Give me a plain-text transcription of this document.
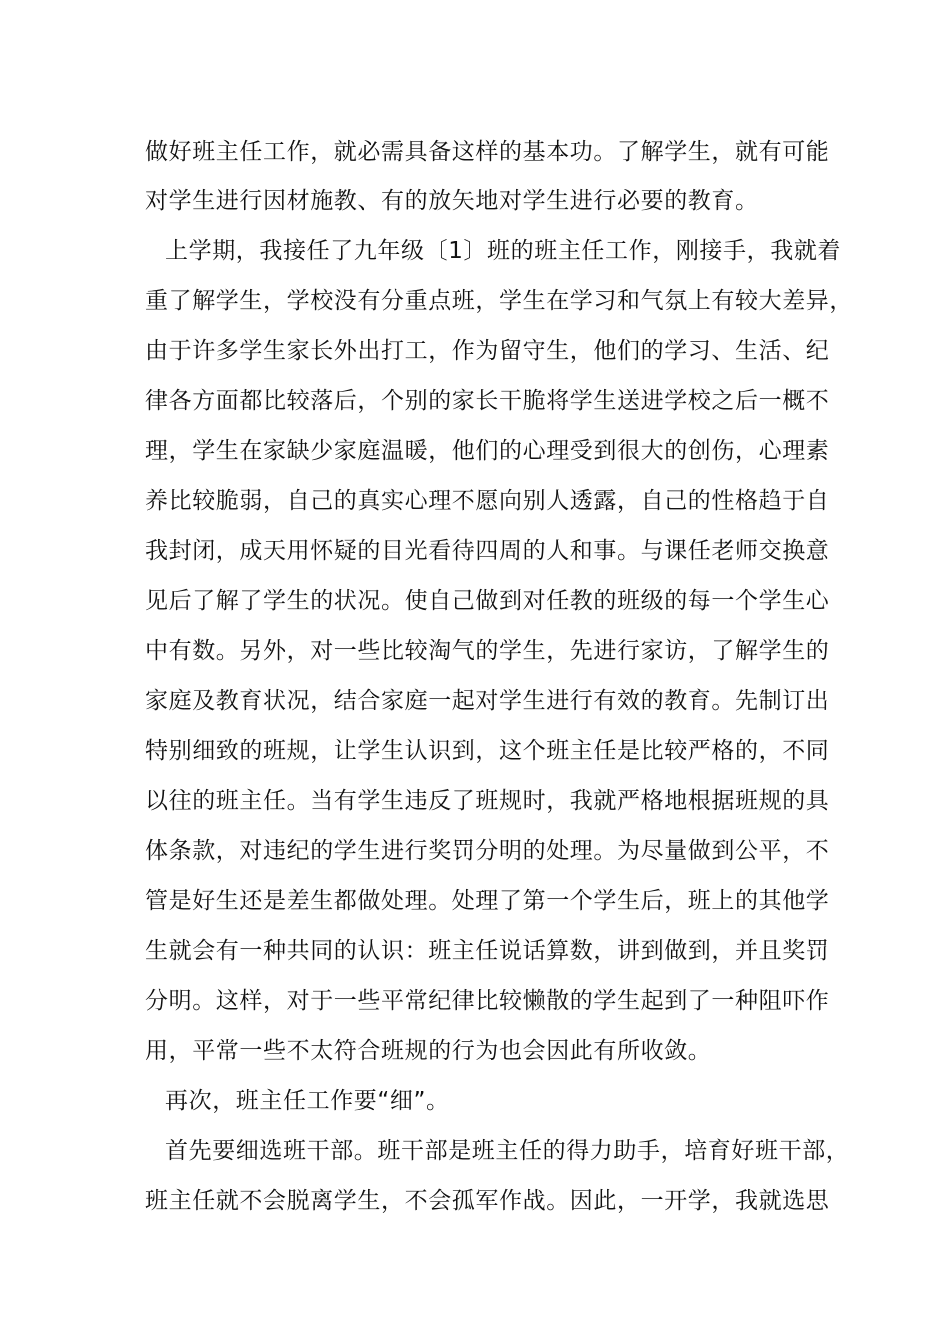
做好班主任工作，就必需具备这样的基本功。了解学生，就有可能
对学生进行因材施教、有的放矢地对学生进行必要的教育。
上学期，我接任了九年级〔1〕班的班主任工作，刚接手，我就着
重了解学生，学校没有分重点班，学生在学习和气氛上有较大差异，
由于许多学生家长外出打工，作为留守生，他们的学习、生活、纪
律各方面都比较落后，个别的家长干脆将学生送进学校之后一概不
理，学生在家缺少家庭温暖，他们的心理受到很大的创伤，心理素
养比较脆弱，自己的真实心理不愿向别人透露，自己的性格趋于自
我封闭，成天用怀疑的目光看待四周的人和事。与课任老师交换意
见后了解了学生的状况。使自己做到对任教的班级的每一个学生心
中有数。另外，对一些比较淘气的学生，先进行家访，了解学生的
家庭及教育状况，结合家庭一起对学生进行有效的教育。先制订出
特别细致的班规，让学生认识到，这个班主任是比较严格的，不同
以往的班主任。当有学生违反了班规时，我就严格地根据班规的具
体条款，对违纪的学生进行奖罚分明的处理。为尽量做到公平，不
管是好生还是差生都做处理。处理了第一个学生后，班上的其他学
生就会有一种共同的认识：班主任说话算数，讲到做到，并且奖罚
分明。这样，对于一些平常纪律比较懒散的学生起到了一种阻吓作
用，平常一些不太符合班规的行为也会因此有所收敛。
再次，班主任工作要“细”。
首先要细选班干部。班干部是班主任的得力助手，培育好班干部，
班主任就不会脱离学生，不会孤军作战。因此，一开学，我就选思
